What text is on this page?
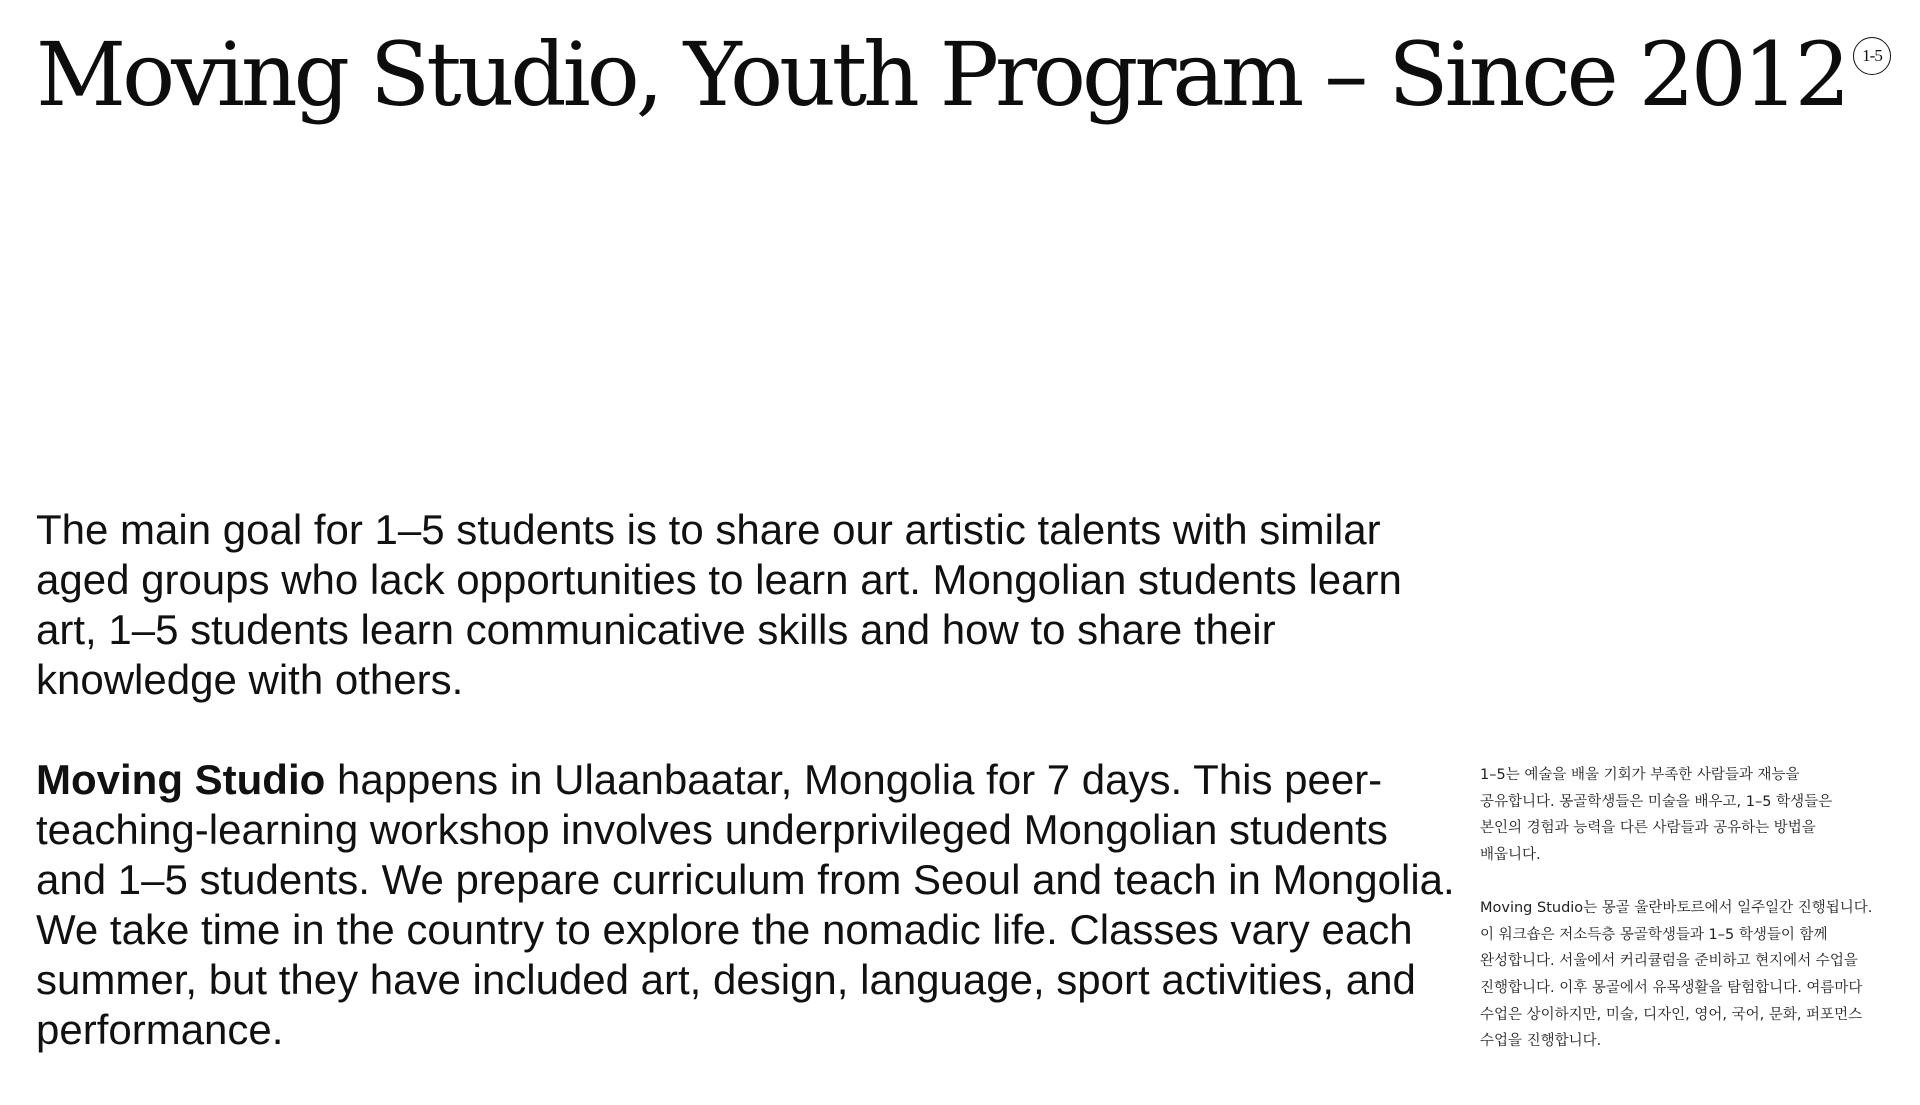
Moving Studio, Youth Program – Since 2012 1-5

The main goal for 1–5 students is to share our artistic talents with similar aged groups who lack opportunities to learn art. Mongolian students learn art, 1–5 students learn communicative skills and how to share their knowledge with others.

Moving Studio happens in Ulaanbaatar, Mongolia for 7 days. This peer-teaching-learning workshop involves underprivileged Mongolian students and 1–5 students. We prepare curriculum from Seoul and teach in Mongolia. We take time in the country to explore the nomadic life. Classes vary each summer, but they have included art, design, language, sport activities, and performance.

1–5는 예술을 배울 기회가 부족한 사람들과 재능을
공유합니다. 몽골학생들은 미술을 배우고, 1–5 학생들은
본인의 경험과 능력을 다른 사람들과 공유하는 방법을
배웁니다.

Moving Studio는 몽골 울란바토르에서 일주일간 진행됩니다.
이 워크숍은 저소득층 몽골학생들과 1–5 학생들이 함께
완성합니다. 서울에서 커리큘럼을 준비하고 현지에서 수업을
진행합니다. 이후 몽골에서 유목생활을 탐험합니다. 여름마다
수업은 상이하지만, 미술, 디자인, 영어, 국어, 문화, 퍼포먼스
수업을 진행합니다.
